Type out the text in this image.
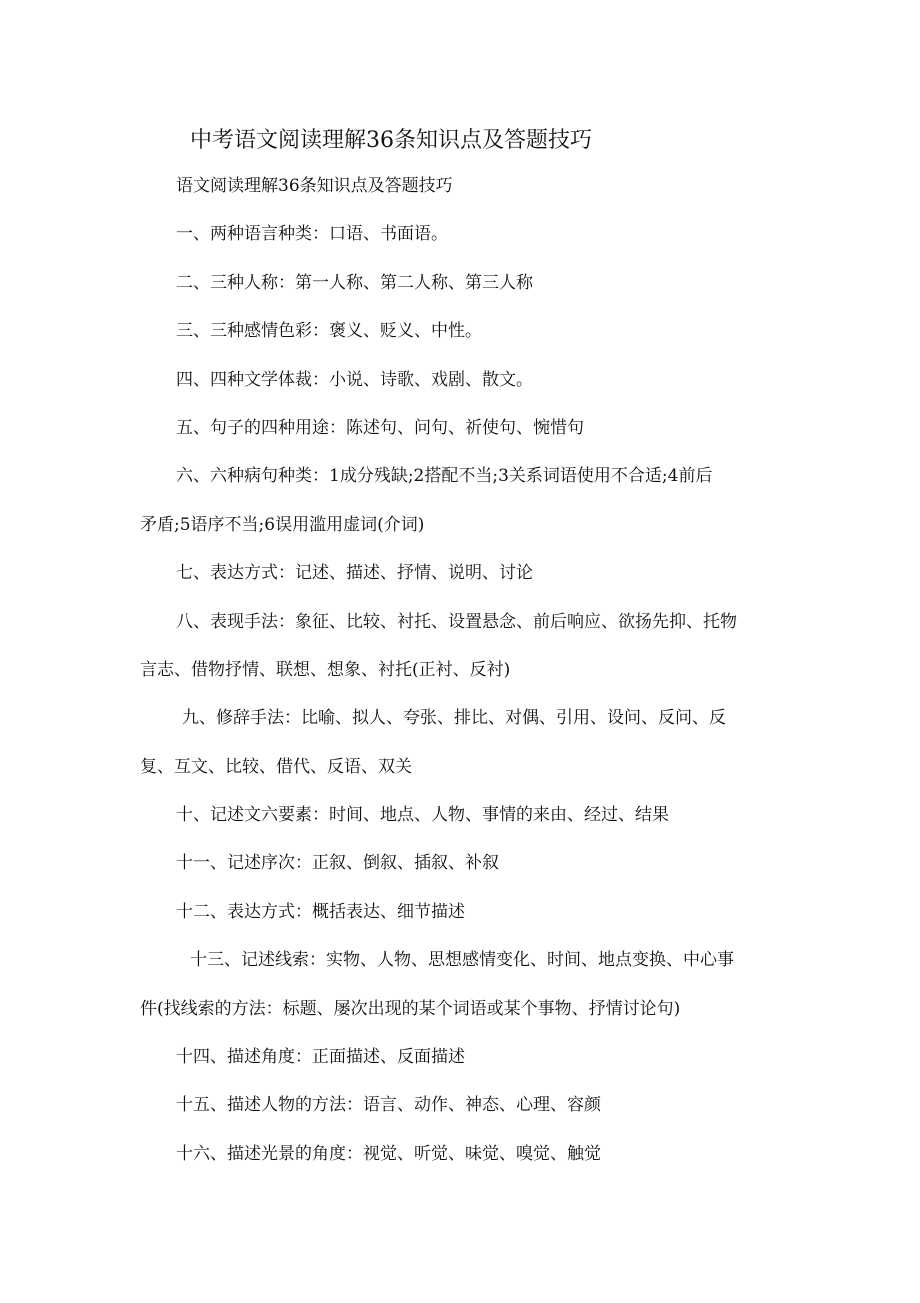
中考语文阅读理解36条知识点及答题技巧
语文阅读理解36条知识点及答题技巧
一、两种语言种类：口语、书面语。
二、三种人称：第一人称、第二人称、第三人称
三、三种感情色彩：褒义、贬义、中性。
四、四种文学体裁：小说、诗歌、戏剧、散文。
五、句子的四种用途：陈述句、问句、祈使句、惋惜句
六、六种病句种类：1成分残缺;2搭配不当;3关系词语使用不合适;4前后
矛盾;5语序不当;6误用滥用虚词(介词)
七、表达方式：记述、描述、抒情、说明、讨论
八、表现手法：象征、比较、衬托、设置悬念、前后响应、欲扬先抑、托物
言志、借物抒情、联想、想象、衬托(正衬、反衬)
九、修辞手法：比喻、拟人、夸张、排比、对偶、引用、设问、反问、反
复、互文、比较、借代、反语、双关
十、记述文六要素：时间、地点、人物、事情的来由、经过、结果
十一、记述序次：正叙、倒叙、插叙、补叙
十二、表达方式：概括表达、细节描述
十三、记述线索：实物、人物、思想感情变化、时间、地点变换、中心事
件(找线索的方法：标题、屡次出现的某个词语或某个事物、抒情讨论句)
十四、描述角度：正面描述、反面描述
十五、描述人物的方法：语言、动作、神态、心理、容颜
十六、描述光景的角度：视觉、听觉、味觉、嗅觉、触觉
